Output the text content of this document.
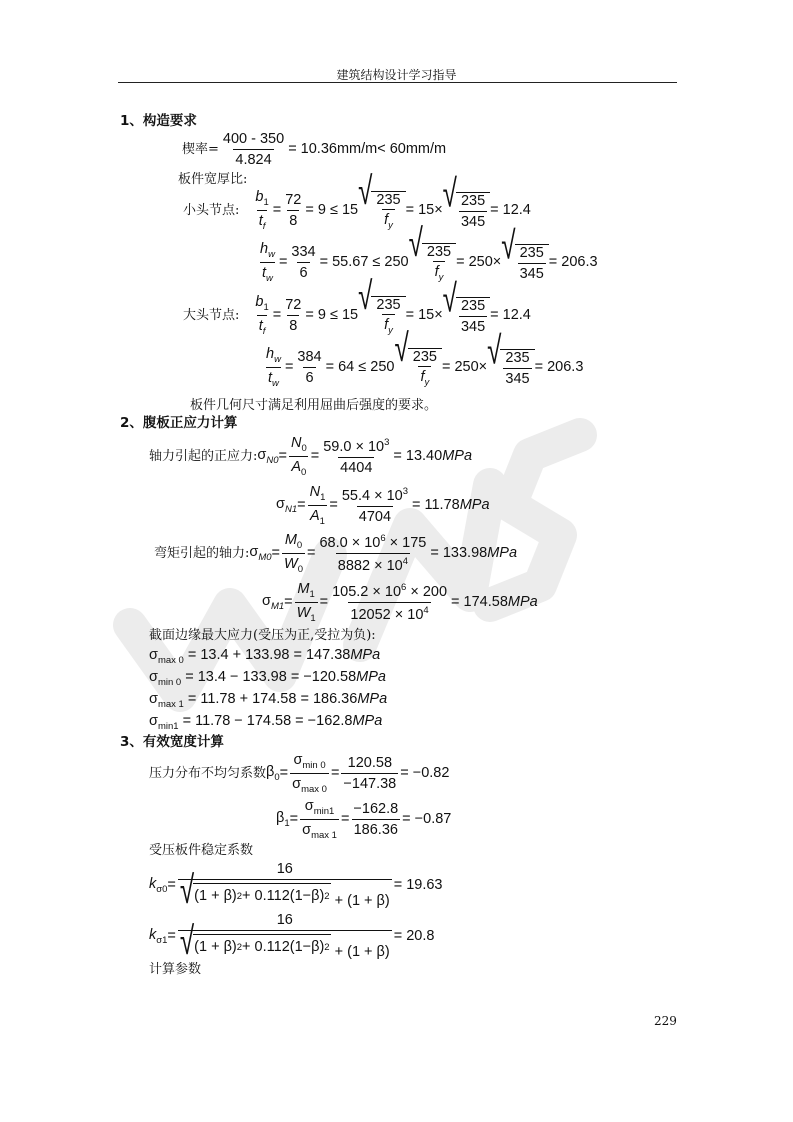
建筑结构设计学习指导
1、构造要求
楔率= $\frac{400 - 350}{4.824} = 10.36mm/m< 60mm/m$
板件宽厚比:
小头节点: $\frac{b_1}{t_f} = \frac{72}{8} = 9 \le 15$ √ $\frac{235}{f_y} = 15\times$ √ $\frac{235}{345} = 12.4$
$\frac{h_w}{t_w} = \frac{334}{6} = 55.67 \le 250$ √ $\frac{235}{f_y} = 250\times$ √ $\frac{235}{345} = 206.3$
大头节点: $\frac{b_1}{t_f} = \frac{72}{8} = 9 \le 15$ √ $\frac{235}{f_y} = 15\times$ √ $\frac{235}{345} = 12.4$
$\frac{h_w}{t_w} = \frac{384}{6} = 64 \le 250$ √ $\frac{235}{f_y} = 250\times$ √ $\frac{235}{345} = 206.3$
板件几何尺寸满足利用屈曲后强度的要求。
2、腹板正应力计算
轴力引起的正应力: $\sigma_{N0} = \frac{N_0}{A_0} = \frac{59.0 \times 10^3}{4404} = 13.40$ MPa
$\sigma_{N1} = \frac{N_1}{A_1} = \frac{55.4 \times 10^3}{4704} = 11.78$ MPa
弯矩引起的轴力: $\sigma_{M0} = \frac{M_0}{W_0} = \frac{68.0 \times 10^6 \times 175}{8882 \times 10^4} = 133.98$ MPa
$\sigma_{M1} = \frac{M_1}{W_1} = \frac{105.2 \times 10^6 \times 200}{12052 \times 10^4} = 174.58$ MPa
截面边缘最大应力(受压为正,受拉为负):
$\sigma_{max 0} = 13.4 + 133.98 = 147.38MPa$
$\sigma_{min 0} = 13.4 - 133.98 = -120.58MPa$
$\sigma_{max 1} = 11.78 + 174.58 = 186.36MPa$
$\sigma_{min1} = 11.78 - 174.58 = -162.8MPa$
3、有效宽度计算
压力分布不均匀系数 $\beta_0 = \frac{\sigma_{min 0}}{\sigma_{max 0}} = \frac{120.58}{-147.38} = -0.82$
$\beta_1 = \frac{\sigma_{min1}}{\sigma_{max 1}} = \frac{-162.8}{186.36} = -0.87$
受压板件稳定系数
$k_{\sigma 0} = \frac{16}{√ (1 + \beta) 2 + 0.112(1-\beta) 2 + (1 + \beta)} = 19.63$
$k_{\sigma 1} = \frac{16}{√ (1 + \beta) 2 + 0.112(1-\beta) 2 + (1 + \beta)} = 20.8$
计算参数
229
